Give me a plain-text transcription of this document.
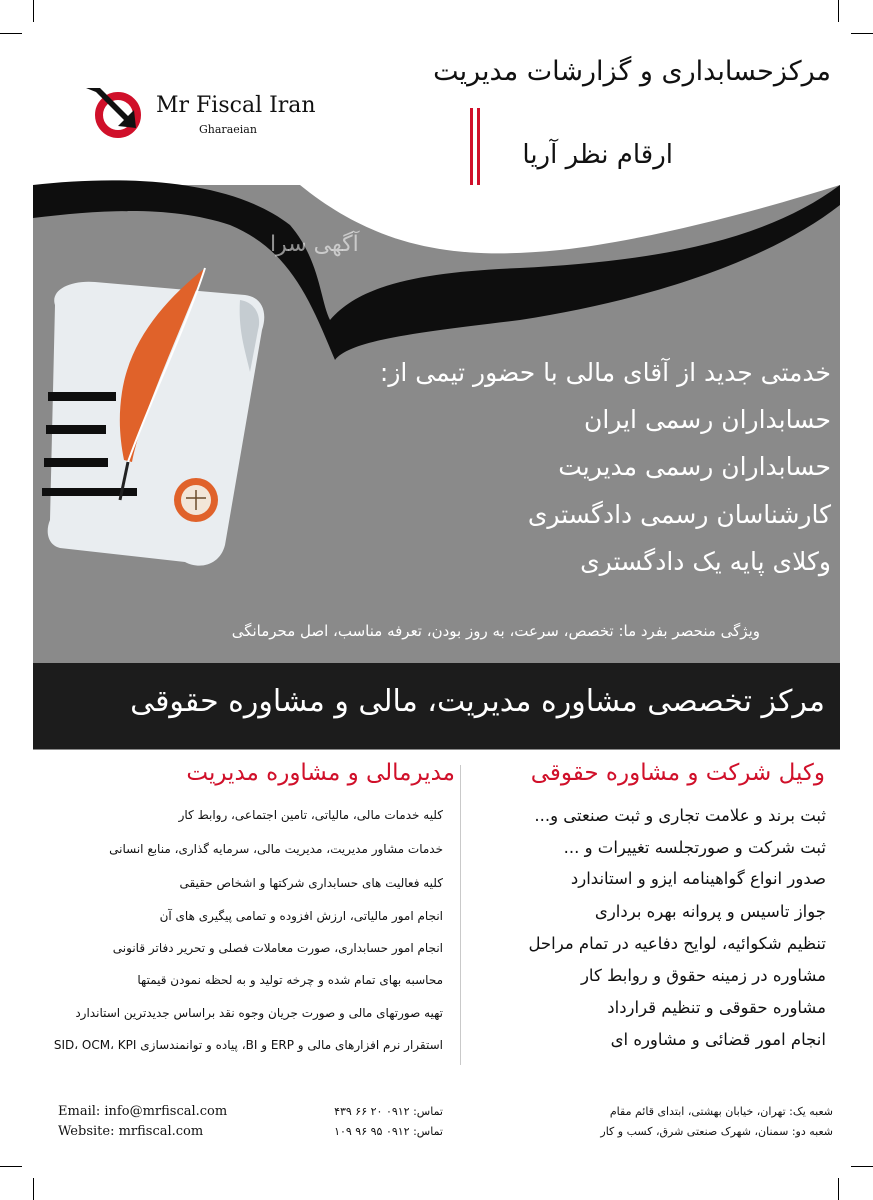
مرکزحسابداری و گزارشات مدیریت
ارقام نظر آریا
Mr Fiscal Iran
Gharaeian
آگهی سرا
خدمتی جدید از آقای مالی با حضور تیمی از:
حسابداران رسمی ایران
حسابداران رسمی مدیریت
کارشناسان رسمی دادگستری
وکلای پایه یک دادگستری
ویژگی منحصر بفرد ما: تخصص، سرعت، به روز بودن، تعرفه مناسب، اصل محرمانگی
مرکز تخصصی مشاوره مدیریت، مالی و مشاوره حقوقی
مدیرمالی و مشاوره مدیریت	وکیل شرکت و مشاوره حقوقی
کلیه خدمات مالی، مالیاتی، تامین اجتماعی، روابط کار
خدمات مشاور مدیریت، مدیریت مالی، سرمایه گذاری، منابع انسانی
کلیه فعالیت های حسابداری شرکتها و اشخاص حقیقی
انجام امور مالیاتی، ارزش افزوده و تمامی پیگیری های آن
انجام امور حسابداری، صورت معاملات فصلی و تحریر دفاتر قانونی
محاسبه بهای تمام شده و چرخه تولید و به لحظه نمودن قیمتها
تهیه صورتهای مالی و صورت جریان وجوه نقد براساس جدیدترین استاندارد
استقرار نرم افزارهای مالی و ERP و BI، پیاده و توانمندسازی SID، OCM، KPI
ثبت برند و علامت تجاری و ثبت صنعتی و...
ثبت شرکت و صورتجلسه تغییرات و ...
صدور انواع گواهینامه ایزو و استاندارد
جواز تاسیس و پروانه بهره برداری
تنظیم شکوائیه، لوایح دفاعیه در تمام مراحل
مشاوره در زمینه حقوق و روابط کار
مشاوره حقوقی و تنظیم قرارداد
انجام امور قضائی و مشاوره ای
Email: info@mrfiscal.com
Website: mrfiscal.com
تماس: ۰۹۱۲ ۲۰ ۶۶ ۴۳۹
تماس: ۰۹۱۲ ۹۵ ۹۶ ۱۰۹
شعبه یک: تهران، خیابان بهشتی، ابتدای قائم مقام
شعبه دو: سمنان، شهرک صنعتی شرق، کسب و کار
